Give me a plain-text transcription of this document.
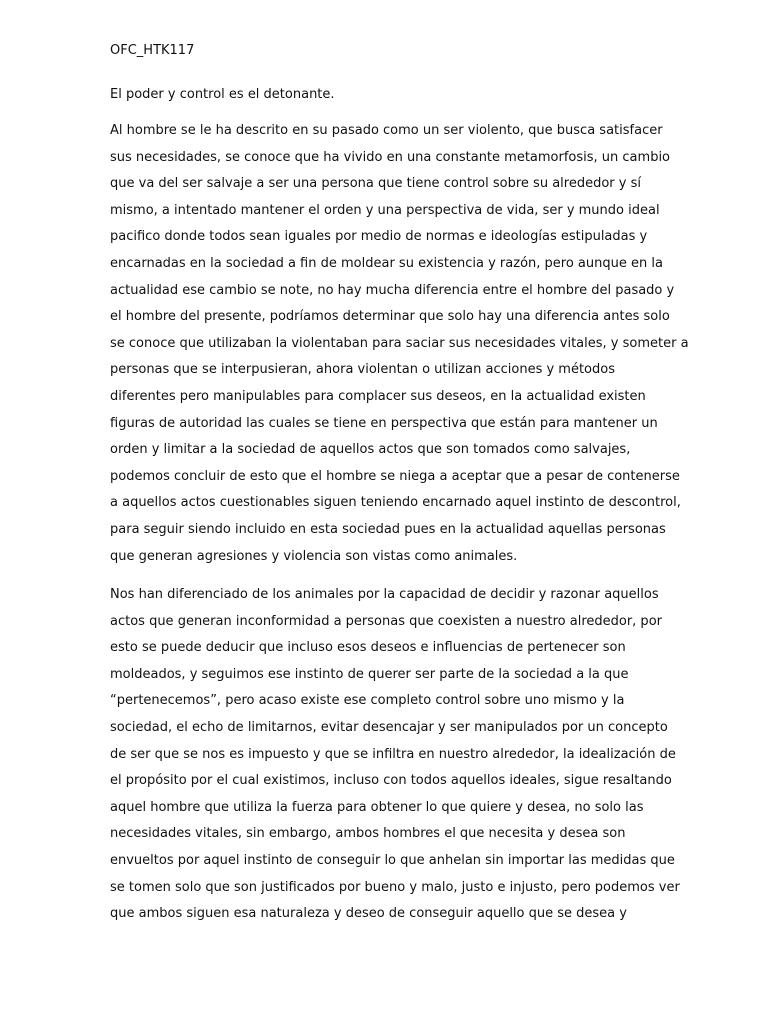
OFC_HTK117

El poder y control es el detonante.
Al hombre se le ha descrito en su pasado como un ser violento, que busca satisfacer
sus necesidades, se conoce que ha vivido en una constante metamorfosis, un cambio
que va del ser salvaje a ser una persona que tiene control sobre su alrededor y sí
mismo, a intentado mantener el orden y una perspectiva de vida, ser y mundo ideal
pacifico donde todos sean iguales por medio de normas e ideologías estipuladas y
encarnadas en la sociedad a fin de moldear su existencia y razón, pero aunque en la
actualidad ese cambio se note, no hay mucha diferencia entre el hombre del pasado y
el hombre del presente, podríamos determinar que solo hay una diferencia antes solo
se conoce que utilizaban la violentaban para saciar sus necesidades vitales, y someter a
personas que se interpusieran, ahora violentan o utilizan acciones y métodos
diferentes pero manipulables para complacer sus deseos, en la actualidad existen
figuras de autoridad las cuales se tiene en perspectiva que están para mantener un
orden y limitar a la sociedad de aquellos actos que son tomados como salvajes,
podemos concluir de esto que el hombre se niega a aceptar que a pesar de contenerse
a aquellos actos cuestionables siguen teniendo encarnado aquel instinto de descontrol,
para seguir siendo incluido en esta sociedad pues en la actualidad aquellas personas
que generan agresiones y violencia son vistas como animales.
Nos han diferenciado de los animales por la capacidad de decidir y razonar aquellos
actos que generan inconformidad a personas que coexisten a nuestro alrededor, por
esto se puede deducir que incluso esos deseos e influencias de pertenecer son
moldeados, y seguimos ese instinto de querer ser parte de la sociedad a la que
“pertenecemos”, pero acaso existe ese completo control sobre uno mismo y la
sociedad, el echo de limitarnos, evitar desencajar y ser manipulados por un concepto
de ser que se nos es impuesto y que se infiltra en nuestro alrededor, la idealización de
el propósito por el cual existimos, incluso con todos aquellos ideales, sigue resaltando
aquel hombre que utiliza la fuerza para obtener lo que quiere y desea, no solo las
necesidades vitales, sin embargo, ambos hombres el que necesita y desea son
envueltos por aquel instinto de conseguir lo que anhelan sin importar las medidas que
se tomen solo que son justificados por bueno y malo, justo e injusto, pero podemos ver
que ambos siguen esa naturaleza y deseo de conseguir aquello que se desea y
